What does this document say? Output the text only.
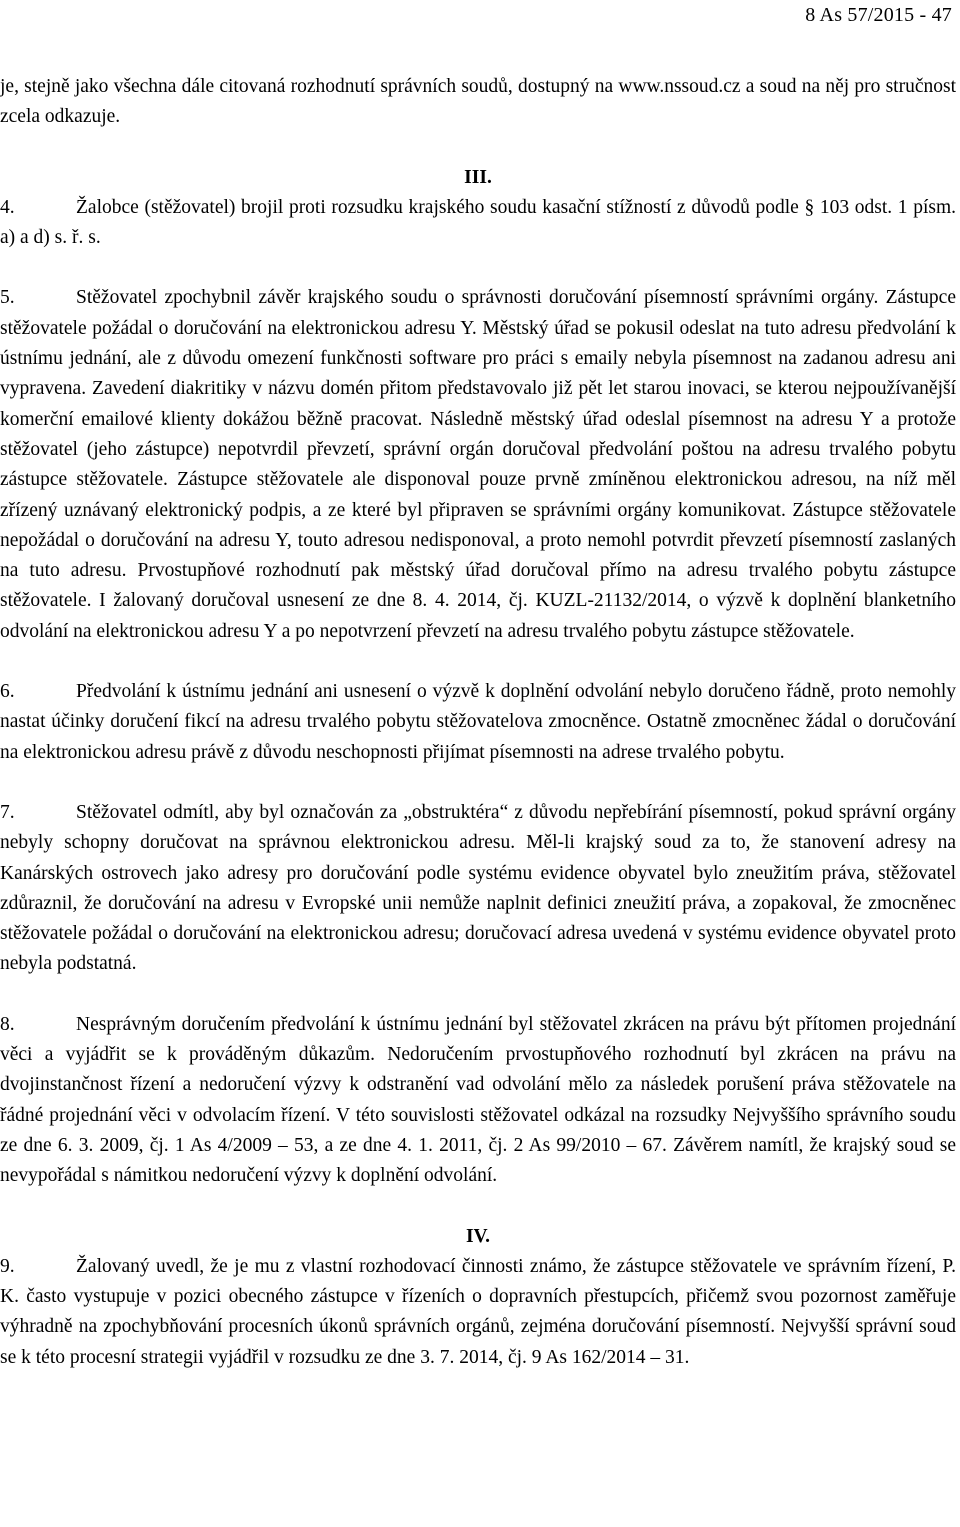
8 As 57/2015 - 47

je, stejně jako všechna dále citovaná rozhodnutí správních soudů, dostupný na www.nssoud.cz a soud na něj pro stručnost zcela odkazuje.

III.

4.	Žalobce (stěžovatel) brojil proti rozsudku krajského soudu kasační stížností z důvodů podle § 103 odst. 1 písm. a) a d) s. ř. s.

5.	Stěžovatel zpochybnil závěr krajského soudu o správnosti doručování písemností správními orgány. Zástupce stěžovatele požádal o doručování na elektronickou adresu Y. Městský úřad se pokusil odeslat na tuto adresu předvolání k ústnímu jednání, ale z důvodu omezení funkčnosti software pro práci s emaily nebyla písemnost na zadanou adresu ani vypravena. Zavedení diakritiky v názvu domén přitom představovalo již pět let starou inovaci, se kterou nejpoužívanější komerční emailové klienty dokážou běžně pracovat. Následně městský úřad odeslal písemnost na adresu Y a protože stěžovatel (jeho zástupce) nepotvrdil převzetí, správní orgán doručoval předvolání poštou na adresu trvalého pobytu zástupce stěžovatele. Zástupce stěžovatele ale disponoval pouze prvně zmíněnou elektronickou adresou, na níž měl zřízený uznávaný elektronický podpis, a ze které byl připraven se správními orgány komunikovat. Zástupce stěžovatele nepožádal o doručování na adresu Y, touto adresou nedisponoval, a proto nemohl potvrdit převzetí písemností zaslaných na tuto adresu. Prvostupňové rozhodnutí pak městský úřad doručoval přímo na adresu trvalého pobytu zástupce stěžovatele. I žalovaný doručoval usnesení ze dne 8. 4. 2014, čj. KUZL-21132/2014, o výzvě k doplnění blanketního odvolání na elektronickou adresu Y a po nepotvrzení převzetí na adresu trvalého pobytu zástupce stěžovatele.

6.	Předvolání k ústnímu jednání ani usnesení o výzvě k doplnění odvolání nebylo doručeno řádně, proto nemohly nastat účinky doručení fikcí na adresu trvalého pobytu stěžovatelova zmocněnce. Ostatně zmocněnec žádal o doručování na elektronickou adresu právě z důvodu neschopnosti přijímat písemnosti na adrese trvalého pobytu.

7.	Stěžovatel odmítl, aby byl označován za „obstruktéra“ z důvodu nepřebírání písemností, pokud správní orgány nebyly schopny doručovat na správnou elektronickou adresu. Měl-li krajský soud za to, že stanovení adresy na Kanárských ostrovech jako adresy pro doručování podle systému evidence obyvatel bylo zneužitím práva, stěžovatel zdůraznil, že doručování na adresu v Evropské unii nemůže naplnit definici zneužití práva, a zopakoval, že zmocněnec stěžovatele požádal o doručování na elektronickou adresu; doručovací adresa uvedená v systému evidence obyvatel proto nebyla podstatná.

8.	Nesprávným doručením předvolání k ústnímu jednání byl stěžovatel zkrácen na právu být přítomen projednání věci a vyjádřit se k prováděným důkazům. Nedoručením prvostupňového rozhodnutí byl zkrácen na právu na dvojinstančnost řízení a nedoručení výzvy k odstranění vad odvolání mělo za následek porušení práva stěžovatele na řádné projednání věci v odvolacím řízení. V této souvislosti stěžovatel odkázal na rozsudky Nejvyššího správního soudu ze dne 6. 3. 2009, čj. 1 As 4/2009 – 53, a ze dne 4. 1. 2011, čj. 2 As 99/2010 – 67. Závěrem namítl, že krajský soud se nevypořádal s námitkou nedoručení výzvy k doplnění odvolání.

IV.

9.	Žalovaný uvedl, že je mu z vlastní rozhodovací činnosti známo, že zástupce stěžovatele ve správním řízení, P. K. často vystupuje v pozici obecného zástupce v řízeních o dopravních přestupcích, přičemž svou pozornost zaměřuje výhradně na zpochybňování procesních úkonů správních orgánů, zejména doručování písemností. Nejvyšší správní soud se k této procesní strategii vyjádřil v rozsudku ze dne 3. 7. 2014, čj. 9 As 162/2014 – 31.
